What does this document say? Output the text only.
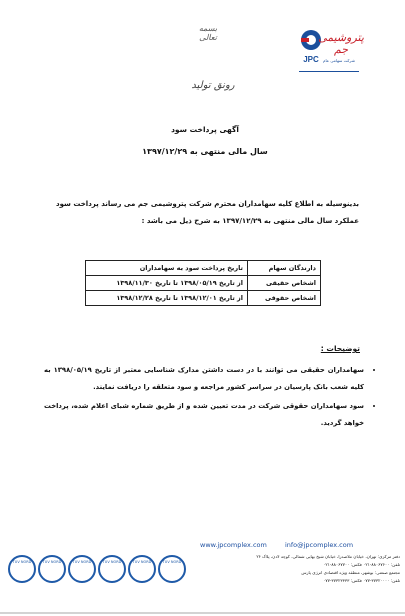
JPC
پتروشیمی جم
شرکت سهامی عام
بسمه تعالی
رونق تولید
آگهی پرداخت سود
سال مالی منتهی به ۱۳۹۷/۱۲/۲۹
بدینوسیله به اطلاع کلیه سهامداران محترم شرکت پتروشیمی جم می رساند پرداخت سود عملکرد سال مالی منتهی به ۱۳۹۷/۱۲/۲۹ به شرح ذیل می باشد :
دارندگان سهام	تاریخ پرداخت سود به سهامداران
اشخاص حقیقی	از تاریخ ۱۳۹۸/۰۵/۱۹ تا تاریخ ۱۳۹۸/۱۱/۳۰
اشخاص حقوقی	از تاریخ ۱۳۹۸/۱۲/۰۱ تا تاریخ ۱۳۹۸/۱۲/۲۸
توضیحات :
• سهامداران حقیقی می توانند با در دست داشتن مدارک شناسایی معتبر از تاریخ ۱۳۹۸/۰۵/۱۹ به کلیه شعب بانک پارسیان در سراسر کشور مراجعه و سود متعلقه را دریافت نمایند.
• سود سهامداران حقوقی شرکت در مدت تعیین شده و از طریق شماره شبای اعلام شده، پرداخت خواهد گردید.
www.jpcomplex.com	info@jpcomplex.com
TUV NORD	TUV NORD	TUV NORD	TUV NORD	TUV NORD	TUV NORD
دفتر مرکزی: تهران، خیابان ملاصدرا، خیابان شیخ بهایی شمالی، کوچه لادن، پلاک ۲۶
تلفن: ۸۸۰۶۷۶۰۰-۰۲۱ فکس: ۸۸۰۶۷۷۰۰-۰۲۱
مجتمع صنعتی: بوشهر، منطقه ویژه اقتصادی انرژی پارس
تلفن: ۳۷۳۲۰۰۰۰-۰۷۷ فکس: ۳۷۳۲۳۳۳۳-۰۷۷
